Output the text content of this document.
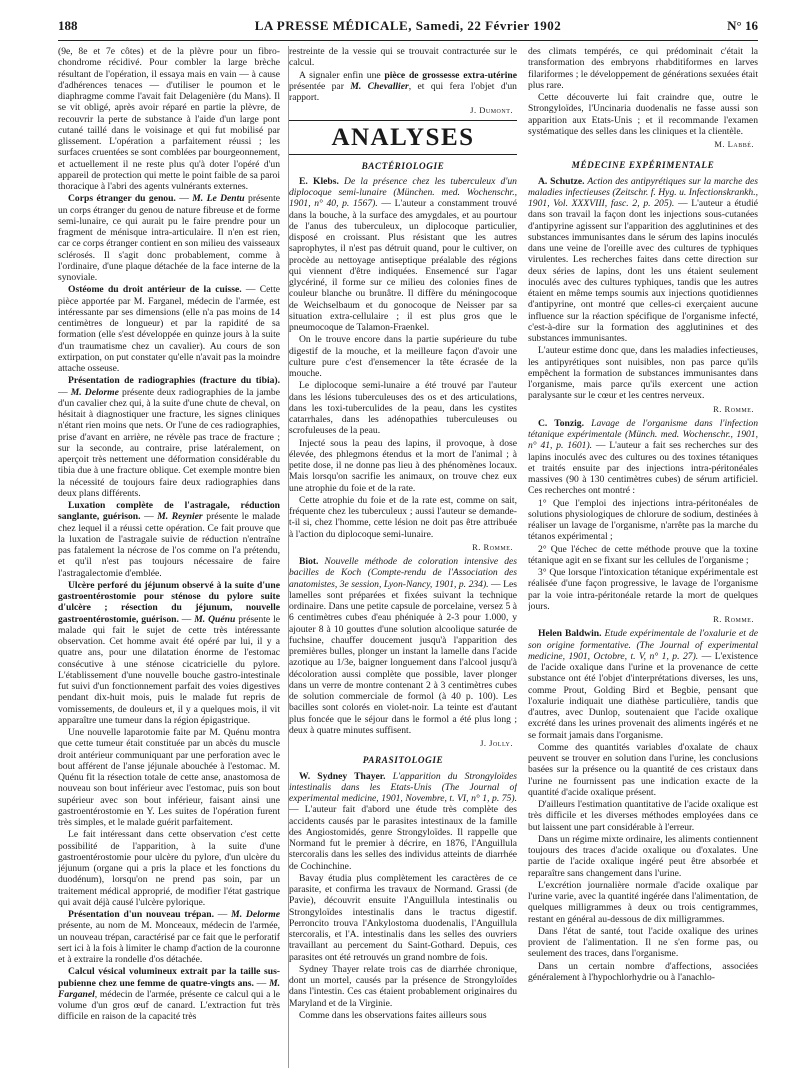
188	LA PRESSE MÉDICALE, Samedi, 22 Février 1902	N° 16

(9e, 8e et 7e côtes) et de la plèvre pour un fibro-chondrome récidivé. Pour combler la large brèche résultant de l'opération, il essaya mais en vain — à cause d'adhérences tenaces — d'utiliser le poumon et le diaphragme comme l'avait fait Delagenière (du Mans). Il se vit obligé, après avoir réparé en partie la plèvre, de recouvrir la perte de substance à l'aide d'un large pont cutané taillé dans le voisinage et qui fut mobilisé par glissement. L'opération a parfaitement réussi ; les surfaces cruentées se sont comblées par bourgeonnement, et actuellement il ne reste plus qu'à doter l'opéré d'un appareil de protection qui mette le point faible de sa paroi thoracique à l'abri des agents vulnérants externes.

Corps étranger du genou. — M. Le Dentu présente un corps étranger du genou de nature fibreuse et de forme semi-lunaire, ce qui aurait pu le faire prendre pour un fragment de ménisque intra-articulaire. Il n'en est rien, car ce corps étranger contient en son milieu des vaisseaux sclérosés. Il s'agit donc probablement, comme à l'ordinaire, d'une plaque détachée de la face interne de la synoviale.

Ostéome du droit antérieur de la cuisse. — Cette pièce apportée par M. Farganel, médecin de l'armée, est intéressante par ses dimensions (elle n'a pas moins de 14 centimètres de longueur) et par la rapidité de sa formation (elle s'est développée en quinze jours à la suite d'un traumatisme chez un cavalier). Au cours de son extirpation, on put constater qu'elle n'avait pas la moindre attache osseuse.

Présentation de radiographies (fracture du tibia). — M. Delorme présente deux radiographies de la jambe d'un cavalier chez qui, à la suite d'une chute de cheval, on hésitait à diagnostiquer une fracture, les signes cliniques n'étant rien moins que nets. Or l'une de ces radiographies, prise d'avant en arrière, ne révèle pas trace de fracture ; sur la seconde, au contraire, prise latéralement, on aperçoit très nettement une déformation considérable du tibia due à une fracture oblique. Cet exemple montre bien la nécessité de toujours faire deux radiographies dans deux plans différents.

Luxation complète de l'astragale, réduction sanglante, guérison. — M. Reynier présente le malade chez lequel il a réussi cette opération. Ce fait prouve que la luxation de l'astragale suivie de réduction n'entraîne pas fatalement la nécrose de l'os comme on l'a prétendu, et qu'il n'est pas toujours nécessaire de faire l'astragalectomie d'emblée.

Ulcère perforé du jéjunum observé à la suite d'une gastroentérostomie pour sténose du pylore suite d'ulcère ; résection du jéjunum, nouvelle gastroentérostomie, guérison. — M. Quénu présente le malade qui fait le sujet de cette très intéressante observation. Cet homme avait été opéré par lui, il y a quatre ans, pour une dilatation énorme de l'estomac consécutive à une sténose cicatricielle du pylore. L'établissement d'une nouvelle bouche gastro-intestinale fut suivi d'un fonctionnement parfait des voies digestives pendant dix-huit mois, puis le malade fut repris de vomissements, de douleurs et, il y a quelques mois, il vit apparaître une tumeur dans la région épigastrique.

Une nouvelle laparotomie faite par M. Quénu montra que cette tumeur était constituée par un abcès du muscle droit antérieur communiquant par une perforation avec le bout afférent de l'anse jéjunale abouchée à l'estomac. M. Quénu fit la résection totale de cette anse, anastomosa de nouveau son bout inférieur avec l'estomac, puis son bout supérieur avec son bout inférieur, faisant ainsi une gastroentérostomie en Y. Les suites de l'opération furent très simples, et le malade guérit parfaitement.

Le fait intéressant dans cette observation c'est cette possibilité de l'apparition, à la suite d'une gastroentérostomie pour ulcère du pylore, d'un ulcère du jéjunum (organe qui a pris la place et les fonctions du duodénum), lorsqu'on ne prend pas soin, par un traitement médical approprié, de modifier l'état gastrique qui avait déjà causé l'ulcère pylorique.

Présentation d'un nouveau trépan. — M. Delorme présente, au nom de M. Monceaux, médecin de l'armée, un nouveau trépan, caractérisé par ce fait que le perforatif sert ici à la fois à limiter le champ d'action de la couronne et à extraire la rondelle d'os détachée.

Calcul vésical volumineux extrait par la taille sus-pubienne chez une femme de quatre-vingts ans. — M. Farganel, médecin de l'armée, présente ce calcul qui a le volume d'un gros œuf de canard. L'extraction fut très difficile en raison de la capacité très

restreinte de la vessie qui se trouvait contracturée sur le calcul.

A signaler enfin une pièce de grossesse extra-utérine présentée par M. Chevallier, et qui fera l'objet d'un rapport.

J. Dumont.
ANALYSES
BACTÉRIOLOGIE

E. Klebs. De la présence chez les tuberculeux d'un diplocoque semi-lunaire (München. med. Wochenschr., 1901, n° 40, p. 1567). — L'auteur a constamment trouvé dans la bouche, à la surface des amygdales, et au pourtour de l'anus des tuberculeux, un diplocoque particulier, disposé en croissant. Plus résistant que les autres saprophytes, il n'est pas détruit quand, pour le cultiver, on procède au nettoyage antiseptique préalable des régions qui viennent d'être indiquées. Ensemencé sur l'agar glycériné, il forme sur ce milieu des colonies fines de couleur blanche ou brunâtre. Il diffère du méningocoque de Weichselbaum et du gonocoque de Neisser par sa situation extra-cellulaire ; il est plus gros que le pneumocoque de Talamon-Fraenkel.

On le trouve encore dans la partie supérieure du tube digestif de la mouche, et la meilleure façon d'avoir une culture pure c'est d'ensemencer la tête écrasée de la mouche.

Le diplocoque semi-lunaire a été trouvé par l'auteur dans les lésions tuberculeuses des os et des articulations, dans les toxi-tuberculides de la peau, dans les cystites catarrhales, dans les adénopathies tuberculeuses ou scrofuleuses de la peau.

Injecté sous la peau des lapins, il provoque, à dose élevée, des phlegmons étendus et la mort de l'animal ; à petite dose, il ne donne pas lieu à des phénomènes locaux. Mais lorsqu'on sacrifie les animaux, on trouve chez eux une atrophie du foie et de la rate.

Cette atrophie du foie et de la rate est, comme on sait, fréquente chez les tuberculeux ; aussi l'auteur se demande-t-il si, chez l'homme, cette lésion ne doit pas être attribuée à l'action du diplocoque semi-lunaire.

R. Romme.

Biot. Nouvelle méthode de coloration intensive des bacilles de Koch (Compte-rendu de l'Association des anatomistes, 3e session, Lyon-Nancy, 1901, p. 234). — Les lamelles sont préparées et fixées suivant la technique ordinaire. Dans une petite capsule de porcelaine, versez 5 à 6 centimètres cubes d'eau phéniquée à 2-3 pour 1.000, y ajouter 8 à 10 gouttes d'une solution alcoolique saturée de fuchsine, chauffer doucement jusqu'à l'apparition des premières bulles, plonger un instant la lamelle dans l'acide azotique au 1/3e, baigner longuement dans l'alcool jusqu'à décoloration aussi complète que possible, laver plonger dans un verre de montre contenant 2 à 3 centimètres cubes de solution commerciale de formol (à 40 p. 100). Les bacilles sont colorés en violet-noir. La teinte est d'autant plus foncée que le séjour dans le formol a été plus long ; deux à quatre minutes suffisent.

J. Jolly.
PARASITOLOGIE

W. Sydney Thayer. L'apparition du Strongyloïdes intestinalis dans les Etats-Unis (The Journal of experimental medicine, 1901, Novembre, t. VI, n° 1, p. 75). — L'auteur fait d'abord une étude très complète des accidents causés par le parasites intestinaux de la famille des Angiostomidés, genre Strongyloïdes. Il rappelle que Normand fut le premier à décrire, en 1876, l'Anguillula stercoralis dans les selles des individus atteints de diarrhée de Cochinchine.

Bavay étudia plus complètement les caractères de ce parasite, et confirma les travaux de Normand. Grassi (de Pavie), découvrit ensuite l'Anguillula intestinalis ou Strongyloïdes intestinalis dans le tractus digestif. Perroncito trouva l'Ankylostoma duodenalis, l'Anguillula stercoralis, et l'A. intestinalis dans les selles des ouvriers travaillant au percement du Saint-Gothard. Depuis, ces parasites ont été retrouvés un grand nombre de fois.

Sydney Thayer relate trois cas de diarrhée chronique, dont un mortel, causés par la présence de Strongyloïdes dans l'intestin. Ces cas étaient probablement originaires du Maryland et de la Virginie.

Comme dans les observations faites ailleurs sous

des climats tempérés, ce qui prédominait c'était la transformation des embryons rhabditiformes en larves filariformes ; le développement de générations sexuées était plus rare.

Cette découverte lui fait craindre que, outre le Strongyloïdes, l'Uncinaria duodenalis ne fasse aussi son apparition aux Etats-Unis ; et il recommande l'examen systématique des selles dans les cliniques et la clientèle.

M. Labbé.
MÉDECINE EXPÉRIMENTALE

A. Schutze. Action des antipyrétiques sur la marche des maladies infectieuses (Zeitschr. f. Hyg. u. Infectionskrankh., 1901, Vol. XXXVIII, fasc. 2, p. 205). — L'auteur a étudié dans son travail la façon dont les injections sous-cutanées d'antipyrine agissent sur l'apparition des agglutinines et des substances immunisantes dans le sérum des lapins inoculés dans une veine de l'oreille avec des cultures de typhiques virulentes. Les recherches faites dans cette direction sur deux séries de lapins, dont les uns étaient seulement inoculés avec des cultures typhiques, tandis que les autres étaient en même temps soumis aux injections quotidiennes d'antipyrine, ont montré que celles-ci exerçaient aucune influence sur la réaction spécifique de l'organisme infecté, c'est-à-dire sur la formation des agglutinines et des substances immunisantes.

L'auteur estime donc que, dans les maladies infectieuses, les antipyrétiques sont nuisibles, non pas parce qu'ils empêchent la formation de substances immunisantes dans l'organisme, mais parce qu'ils exercent une action paralysante sur le cœur et les centres nerveux.

R. Romme.

C. Tonzig. Lavage de l'organisme dans l'infection tétanique expérimentale (Münch. med. Wochenschr., 1901, n° 41, p. 1601). — L'auteur a fait ses recherches sur des lapins inoculés avec des cultures ou des toxines tétaniques et traités ensuite par des injections intra-péritonéales massives (90 à 130 centimètres cubes) de sérum artificiel. Ces recherches ont montré :

1° Que l'emploi des injections intra-péritonéales de solutions physiologiques de chlorure de sodium, destinées à réaliser un lavage de l'organisme, n'arrête pas la marche du tétanos expérimental ;

2° Que l'échec de cette méthode prouve que la toxine tétanique agit en se fixant sur les cellules de l'organisme ;

3° Que lorsque l'intoxication tétanique expérimentale est réalisée d'une façon progressive, le lavage de l'organisme par la voie intra-péritonéale retarde la mort de quelques jours.

R. Romme.

Helen Baldwin. Etude expérimentale de l'oxalurie et de son origine formentative. (The Journal of experimental medicine, 1901, Octobre, t. V, n° 1, p. 27). — L'existence de l'acide oxalique dans l'urine et la provenance de cette substance ont été l'objet d'interprétations diverses, les uns, comme Prout, Golding Bird et Begbie, pensant que l'oxalurie indiquait une diathèse particulière, tandis que d'autres, avec Dunlop, soutenaient que l'acide oxalique excrété dans les urines provenait des aliments ingérés et ne se formait jamais dans l'organisme.

Comme des quantités variables d'oxalate de chaux peuvent se trouver en solution dans l'urine, les conclusions basées sur la présence ou la quantité de ces cristaux dans l'urine ne fournissent pas une indication exacte de la quantité d'acide oxalique présent.

D'ailleurs l'estimation quantitative de l'acide oxalique est très difficile et les diverses méthodes employées dans ce but laissent une part considérable à l'erreur.

Dans un régime mixte ordinaire, les aliments contiennent toujours des traces d'acide oxalique ou d'oxalates. Une partie de l'acide oxalique ingéré peut être absorbée et reparaître sans changement dans l'urine.

L'excrétion journalière normale d'acide oxalique par l'urine varie, avec la quantité ingérée dans l'alimentation, de quelques milligrammes à deux ou trois centigrammes, restant en général au-dessous de dix milligrammes.

Dans l'état de santé, tout l'acide oxalique des urines provient de l'alimentation. Il ne s'en forme pas, ou seulement des traces, dans l'organisme.

Dans un certain nombre d'affections, associées généralement à l'hypochlorhydrie ou à l'anachlo-
